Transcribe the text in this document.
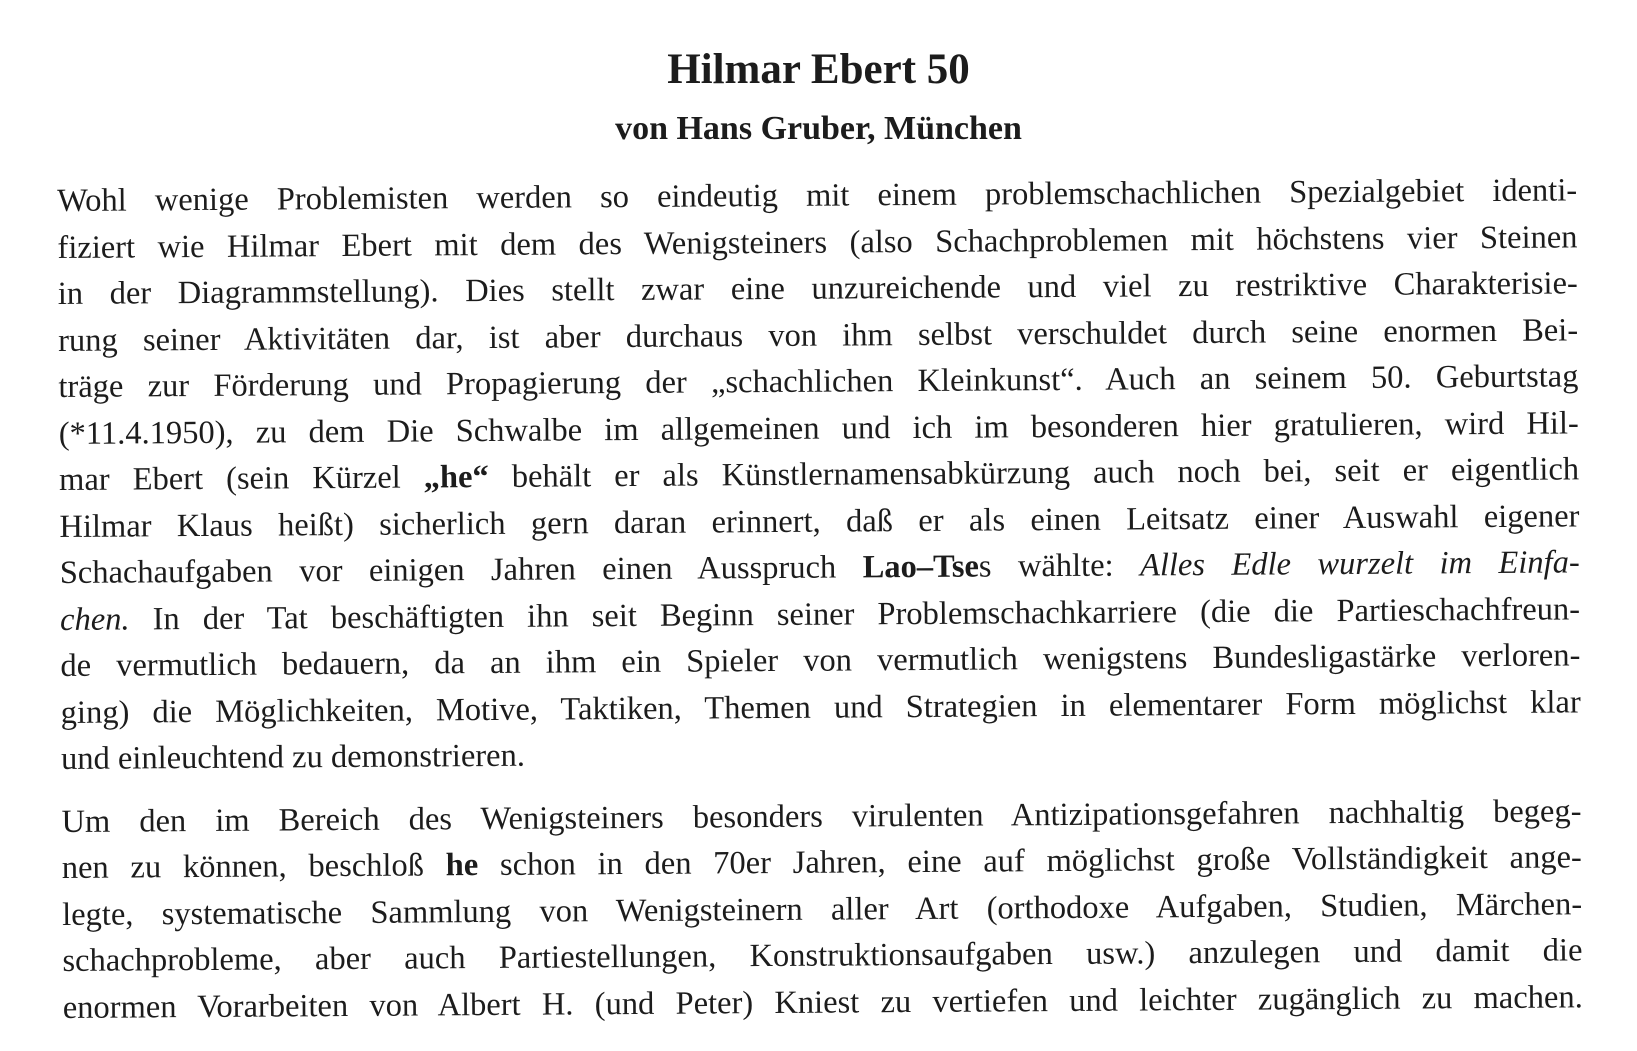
Hilmar Ebert 50
von Hans Gruber, München

Wohl wenige Problemisten werden so eindeutig mit einem problemschachlichen Spezialgebiet identi-
fiziert wie Hilmar Ebert mit dem des Wenigsteiners (also Schachproblemen mit höchstens vier Steinen
in der Diagrammstellung). Dies stellt zwar eine unzureichende und viel zu restriktive Charakterisie-
rung seiner Aktivitäten dar, ist aber durchaus von ihm selbst verschuldet durch seine enormen Bei-
träge zur Förderung und Propagierung der „schachlichen Kleinkunst“. Auch an seinem 50. Geburtstag
(*11.4.1950), zu dem Die Schwalbe im allgemeinen und ich im besonderen hier gratulieren, wird Hil-
mar Ebert (sein Kürzel „he“ behält er als Künstlernamensabkürzung auch noch bei, seit er eigentlich
Hilmar Klaus heißt) sicherlich gern daran erinnert, daß er als einen Leitsatz einer Auswahl eigener
Schachaufgaben vor einigen Jahren einen Ausspruch Lao–Tses wählte: Alles Edle wurzelt im Einfa-
chen. In der Tat beschäftigten ihn seit Beginn seiner Problemschachkarriere (die die Partieschachfreun-
de vermutlich bedauern, da an ihm ein Spieler von vermutlich wenigstens Bundesligastärke verloren-
ging) die Möglichkeiten, Motive, Taktiken, Themen und Strategien in elementarer Form möglichst klar
und einleuchtend zu demonstrieren.

Um den im Bereich des Wenigsteiners besonders virulenten Antizipationsgefahren nachhaltig begeg-
nen zu können, beschloß he schon in den 70er Jahren, eine auf möglichst große Vollständigkeit ange-
legte, systematische Sammlung von Wenigsteinern aller Art (orthodoxe Aufgaben, Studien, Märchen-
schachprobleme, aber auch Partiestellungen, Konstruktionsaufgaben usw.) anzulegen und damit die
enormen Vorarbeiten von Albert H. (und Peter) Kniest zu vertiefen und leichter zugänglich zu machen.
